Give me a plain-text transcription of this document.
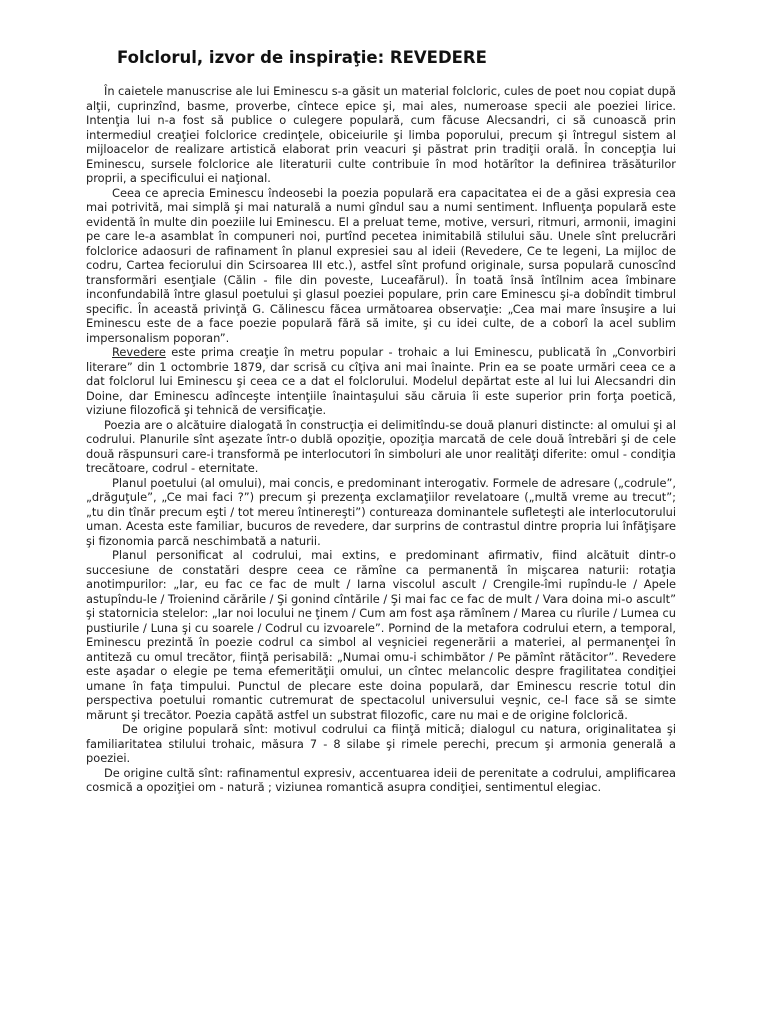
Folclorul, izvor de inspiraţie: REVEDERE

În caietele manuscrise ale lui Eminescu s-a găsit un material folcloric, cules de poet nou copiat după alţii, cuprinzînd, basme, proverbe, cîntece epice şi, mai ales, numeroase specii ale poeziei lirice. Intenţia lui n-a fost să publice o culegere populară, cum făcuse Alecsandri, ci să cunoască prin intermediul creaţiei folclorice credinţele, obiceiurile şi limba poporului, precum şi întregul sistem al mijloacelor de realizare artistică elaborat prin veacuri şi păstrat prin tradiţii orală. În concepţia lui Eminescu, sursele folclorice ale literaturii culte contribuie în mod hotărîtor la definirea trăsăturilor proprii, a specificului ei naţional.

Ceea ce aprecia Eminescu îndeosebi la poezia populară era capacitatea ei de a găsi expresia cea mai potrivită, mai simplă şi mai naturală a numi gîndul sau a numi sentiment. Influenţa populară este evidentă în multe din poeziile lui Eminescu. El a preluat teme, motive, versuri, ritmuri, armonii, imagini pe care le-a asamblat în compuneri noi, purtînd pecetea inimitabilă stilului său. Unele sînt prelucrări folclorice adaosuri de rafinament în planul expresiei sau al ideii (Revedere, Ce te legeni, La mijloc de codru, Cartea feciorului din Scirsoarea III etc.), astfel sînt profund originale, sursa populară cunoscînd transformări esenţiale (Călin - file din poveste, Luceafărul). În toată însă întîlnim acea îmbinare inconfundabilă între glasul poetului şi glasul poeziei populare, prin care Eminescu şi-a dobîndit timbrul specific. În această privinţă G. Călinescu făcea următoarea observaţie: „Cea mai mare însuşire a lui Eminescu este de a face poezie populară fără să imite, şi cu idei culte, de a coborî la acel sublim impersonalism poporan”.

Revedere este prima creaţie în metru popular - trohaic a lui Eminescu, publicată în „Convorbiri literare” din 1 octombrie 1879, dar scrisă cu cîţiva ani mai înainte. Prin ea se poate urmări ceea ce a dat folclorul lui Eminescu şi ceea ce a dat el folclorului. Modelul depărtat este al lui lui Alecsandri din Doine, dar Eminescu adînceşte intenţiile înaintaşului său căruia îi este superior prin forţa poetică, viziune filozofică şi tehnică de versificaţie.

Poezia are o alcătuire dialogată în construcţia ei delimitîndu-se două planuri distincte: al omului şi al codrului. Planurile sînt aşezate într-o dublă opoziţie, opoziţia marcată de cele două întrebări şi de cele două răspunsuri care-i transformă pe interlocutori în simboluri ale unor realităţi diferite: omul - condiţia trecătoare, codrul - eternitate.

Planul poetului (al omului), mai concis, e predominant interogativ. Formele de adresare („codrule”, „drăguţule”, „Ce mai faci ?”) precum şi prezenţa exclamaţiilor revelatoare („multă vreme au trecut”; „tu din tînăr precum eşti / tot mereu întinereşti”) contureaza dominantele sufleteşti ale interlocutorului uman. Acesta este familiar, bucuros de revedere, dar surprins de contrastul dintre propria lui înfăţişare şi fizonomia parcă neschimbată a naturii.

Planul personificat al codrului, mai extins, e predominant afirmativ, fiind alcătuit dintr-o succesiune de constatări despre ceea ce rămîne ca permanentă în mişcarea naturii: rotaţia anotimpurilor: „Iar, eu fac ce fac de mult / Iarna viscolul ascult / Crengile-îmi rupîndu-le / Apele astupîndu-le / Troienind cărările / Şi gonind cîntările / Şi mai fac ce fac de mult / Vara doina mi-o ascult” şi statornicia stelelor: „Iar noi locului ne ţinem / Cum am fost aşa rămînem / Marea cu rîurile / Lumea cu pustiurile / Luna şi cu soarele / Codrul cu izvoarele”. Pornind de la metafora codrului etern, a temporal, Eminescu prezintă în poezie codrul ca simbol al veşniciei regenerării a materiei, al permanenţei în antiteză cu omul trecător, fiinţă perisabilă: „Numai omu-i schimbător / Pe pămînt rătăcitor”. Revedere este aşadar o elegie pe tema efemerităţii omului, un cîntec melancolic despre fragilitatea condiţiei umane în faţa timpului. Punctul de plecare este doina populară, dar Eminescu rescrie totul din perspectiva poetului romantic cutremurat de spectacolul universului veşnic, ce-l face să se simte mărunt şi trecător. Poezia capătă astfel un substrat filozofic, care nu mai e de origine folclorică.

De origine populară sînt: motivul codrului ca fiinţă mitică; dialogul cu natura, originalitatea şi familiaritatea stilului trohaic, măsura 7 - 8 silabe şi rimele perechi, precum şi armonia generală a poeziei.

De origine cultă sînt: rafinamentul expresiv, accentuarea ideii de perenitate a codrului, amplificarea cosmică a opoziţiei om - natură ; viziunea romantică asupra condiţiei, sentimentul elegiac.
